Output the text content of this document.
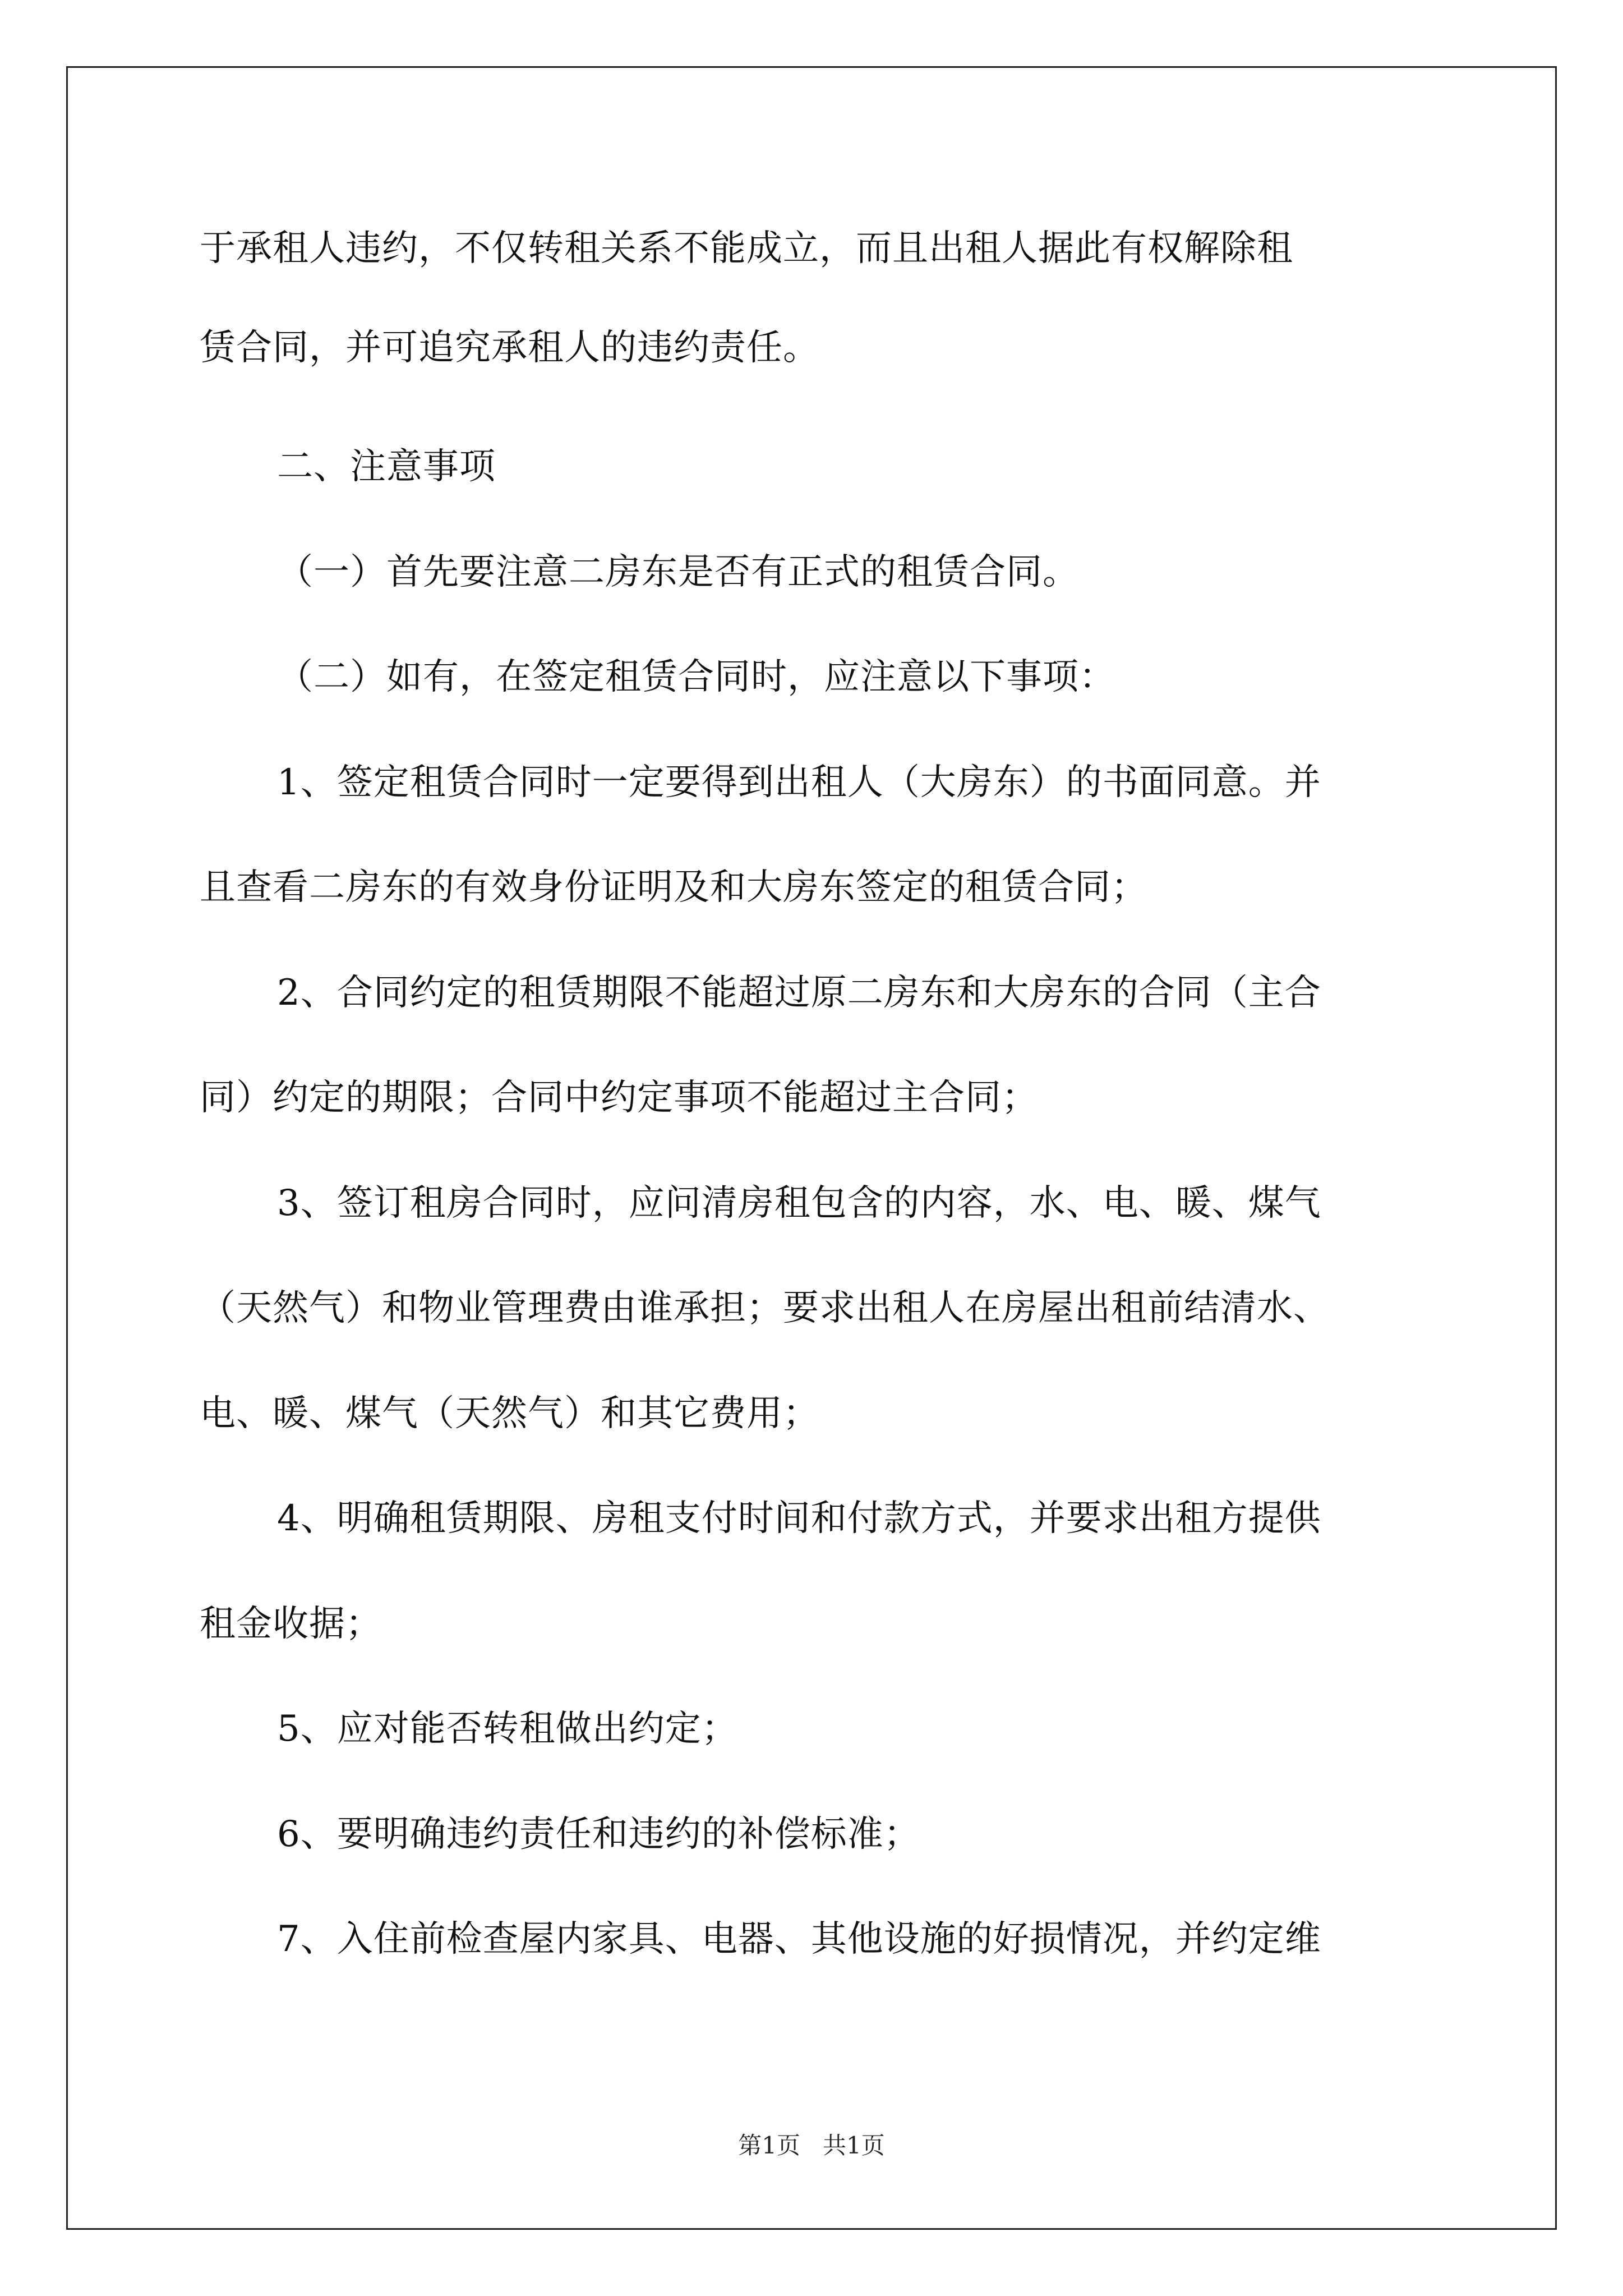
于承租人违约，不仅转租关系不能成立，而且出租人据此有权解除租
赁合同，并可追究承租人的违约责任。
二、注意事项
（一）首先要注意二房东是否有正式的租赁合同。
（二）如有，在签定租赁合同时，应注意以下事项：
1、签定租赁合同时一定要得到出租人（大房东）的书面同意。并
且查看二房东的有效身份证明及和大房东签定的租赁合同；
2、合同约定的租赁期限不能超过原二房东和大房东的合同（主合
同）约定的期限；合同中约定事项不能超过主合同；
3、签订租房合同时，应问清房租包含的内容，水、电、暖、煤气
（天然气）和物业管理费由谁承担；要求出租人在房屋出租前结清水、
电、暖、煤气（天然气）和其它费用；
4、明确租赁期限、房租支付时间和付款方式，并要求出租方提供
租金收据；
5、应对能否转租做出约定；
6、要明确违约责任和违约的补偿标准；
7、入住前检查屋内家具、电器、其他设施的好损情况，并约定维
第1页   共1页
